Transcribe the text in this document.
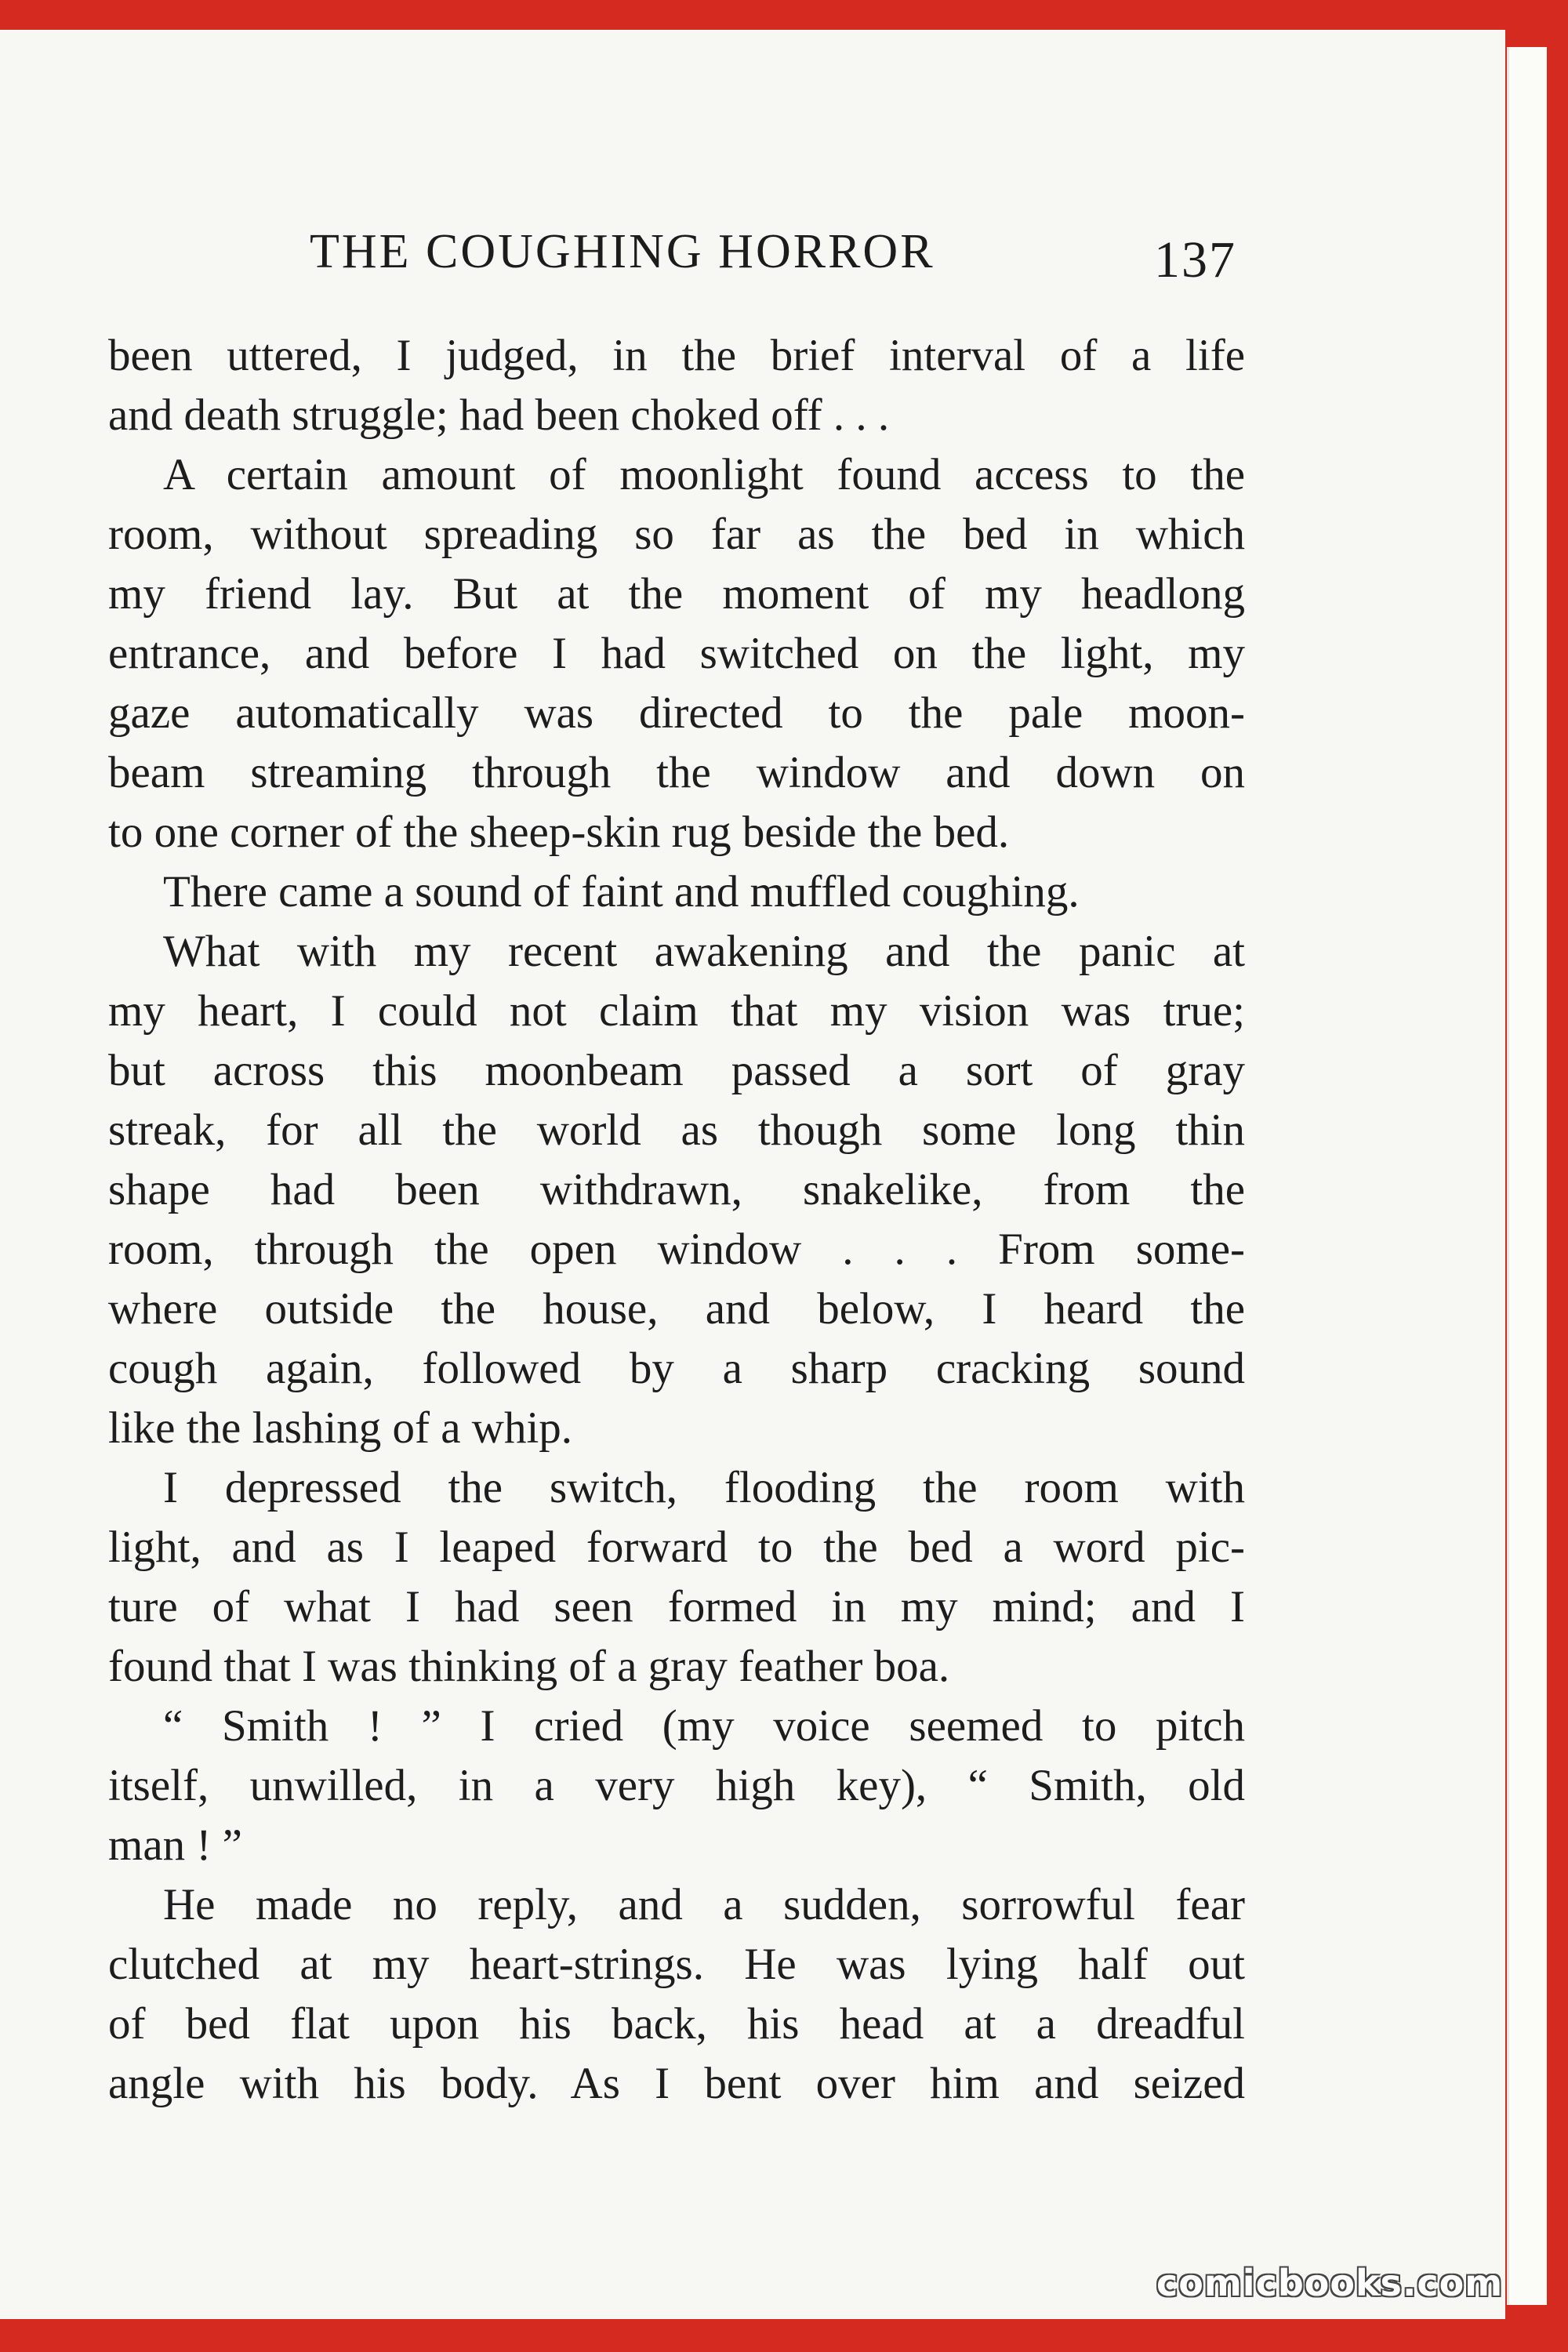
THE COUGHING HORROR	137
been uttered, I judged, in the brief interval of a life
and death struggle; had been choked off . . .
A certain amount of moonlight found access to the
room, without spreading so far as the bed in which
my friend lay. But at the moment of my headlong
entrance, and before I had switched on the light, my
gaze automatically was directed to the pale moon-
beam streaming through the window and down on
to one corner of the sheep-skin rug beside the bed.
There came a sound of faint and muffled coughing.
What with my recent awakening and the panic at
my heart, I could not claim that my vision was true;
but across this moonbeam passed a sort of gray
streak, for all the world as though some long thin
shape had been withdrawn, snakelike, from the
room, through the open window . . . From some-
where outside the house, and below, I heard the
cough again, followed by a sharp cracking sound
like the lashing of a whip.
I depressed the switch, flooding the room with
light, and as I leaped forward to the bed a word pic-
ture of what I had seen formed in my mind; and I
found that I was thinking of a gray feather boa.
“ Smith ! ” I cried (my voice seemed to pitch
itself, unwilled, in a very high key), “ Smith, old
man ! ”
He made no reply, and a sudden, sorrowful fear
clutched at my heart-strings. He was lying half out
of bed flat upon his back, his head at a dreadful
angle with his body. As I bent over him and seized
comicbooks.com
